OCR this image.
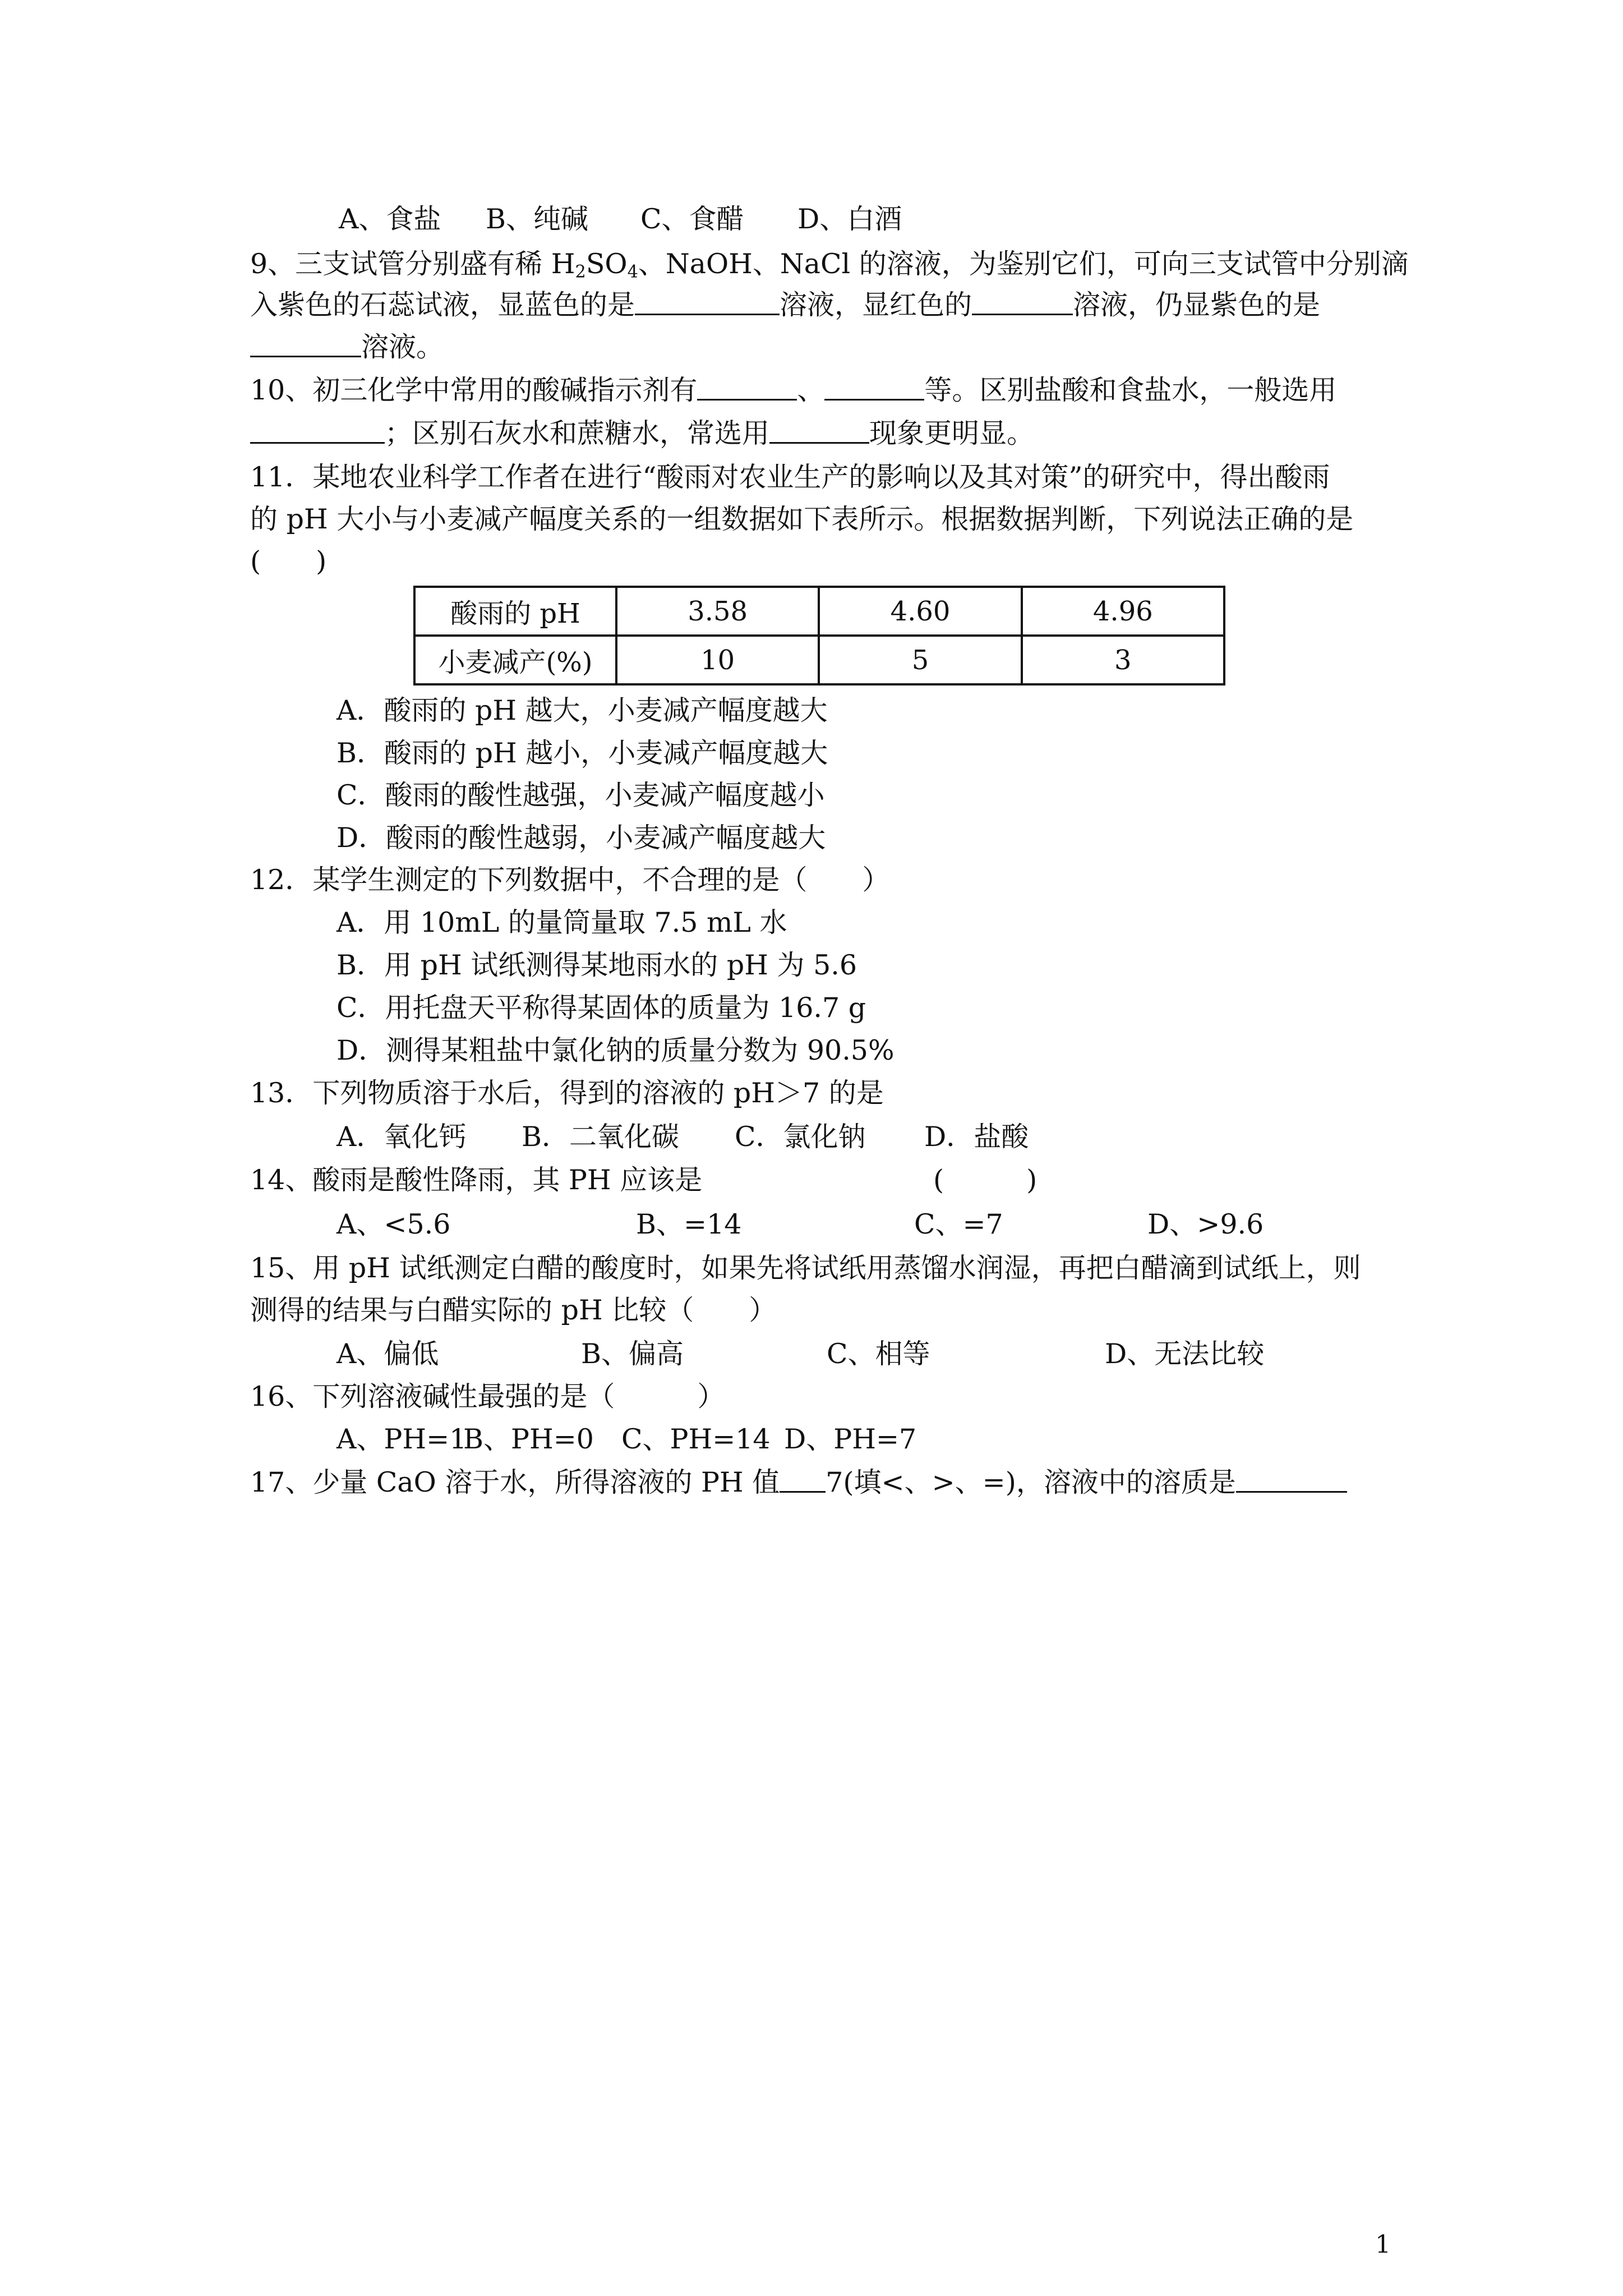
A、食盐 B、纯碱 C、食醋 D、白酒
9、三支试管分别盛有稀 $H_2SO_4$、NaOH、NaCl 的溶液，为鉴别它们，可向三支试管中分别滴
入紫色的石蕊试液，显蓝色的是	溶液，显红色的	溶液，仍显紫色的是
溶液。
10、初三化学中常用的酸碱指示剂有	、	等。区别盐酸和食盐水，一般选用
；区别石灰水和蔗糖水，常选用	现象更明显。
11．某地农业科学工作者在进行“酸雨对农业生产的影响以及其对策”的研究中，得出酸雨
的 pH 大小与小麦减产幅度关系的一组数据如下表所示。根据数据判断，下列说法正确的是
(　　)
酸雨的 pH	3.58	4.60	4.96
小麦减产(%)	10	5	3
A．酸雨的 pH 越大，小麦减产幅度越大
B．酸雨的 pH 越小，小麦减产幅度越大
C．酸雨的酸性越强，小麦减产幅度越小
D．酸雨的酸性越弱，小麦减产幅度越大
12．某学生测定的下列数据中，不合理的是（　　）
A．用 10mL 的量筒量取 7.5 mL 水
B．用 pH 试纸测得某地雨水的 pH 为 5.6
C．用托盘天平称得某固体的质量为 16.7 g
D．测得某粗盐中氯化钠的质量分数为 90.5%
13．下列物质溶于水后，得到的溶液的 pH＞7 的是
A．氧化钙 B．二氧化碳 C．氯化钠 D．盐酸
14、酸雨是酸性降雨，其 PH 应该是	(　　　)
A、<5.6	B、=14	C、=7	D、>9.6
15、用 pH 试纸测定白醋的酸度时，如果先将试纸用蒸馏水润湿，再把白醋滴到试纸上，则
测得的结果与白醋实际的 pH 比较（　　）
A、偏低	B、偏高	C、相等	D、无法比较
16、下列溶液碱性最强的是（　　　）
A、PH=1B、PH=0 C、PH=14 D、PH=7
17、少量 CaO 溶于水，所得溶液的 PH 值 7(填<、>、=)，溶液中的溶质是
1
